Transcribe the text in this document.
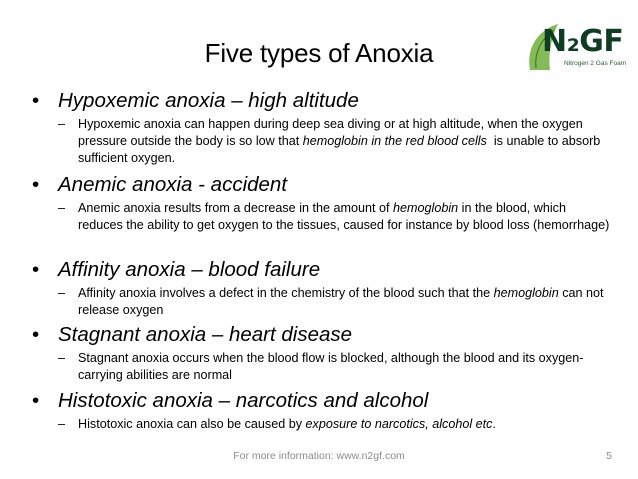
Five types of Anoxia	N₂GF
Nitrogen 2 Gas Foam
• Hypoxemic anoxia – high altitude
– Hypoxemic anoxia can happen during deep sea diving or at high altitude, when the oxygen pressure outside the body is so low that hemoglobin in the red blood cells  is unable to absorb sufficient oxygen.
• Anemic anoxia - accident
– Anemic anoxia results from a decrease in the amount of hemoglobin in the blood, which reduces the ability to get oxygen to the tissues, caused for instance by blood loss (hemorrhage)
• Affinity anoxia – blood failure
– Affinity anoxia involves a defect in the chemistry of the blood such that the hemoglobin can not release oxygen
• Stagnant anoxia – heart disease
– Stagnant anoxia occurs when the blood flow is blocked, although the blood and its oxygen-carrying abilities are normal
• Histotoxic anoxia – narcotics and alcohol
– Histotoxic anoxia can also be caused by exposure to narcotics, alcohol etc.
For more information: www.n2gf.com	5
